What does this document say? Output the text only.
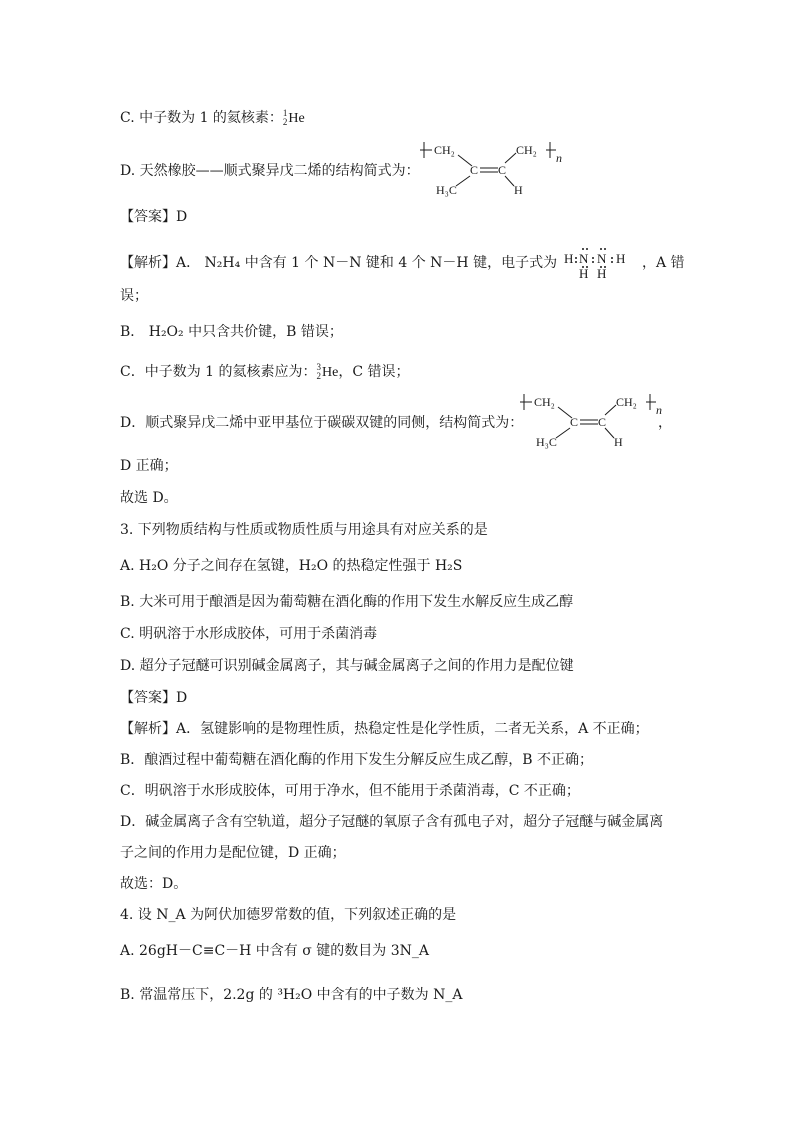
C. 中子数为 1 的氦核素： 1
2 He
D. 天然橡胶——顺式聚异戊二烯的结构简式为：
CH₂
C C
CH₂
n
H₃C	H
【答案】D
【解析】A． N₂H₄ 中含有 1 个 N－N 键和 4 个 N－H 键，电子式为 H N
H
N
H
H ，A 错
误；
B． H₂O₂ 中只含共价键，B 错误；
C．中子数为 1 的氦核素应为： 3
2 He，C 错误；
D．顺式聚异戊二烯中亚甲基位于碳碳双键的同侧，结构简式为：
CH₂
C C
CH₂
n
H₃C	H
，
D 正确；
故选 D。
3. 下列物质结构与性质或物质性质与用途具有对应关系的是
A. H₂O 分子之间存在氢键，H₂O 的热稳定性强于 H₂S
B. 大米可用于酿酒是因为葡萄糖在酒化酶的作用下发生水解反应生成乙醇
C. 明矾溶于水形成胶体，可用于杀菌消毒
D. 超分子冠醚可识别碱金属离子，其与碱金属离子之间的作用力是配位键
【答案】D
【解析】A．氢键影响的是物理性质，热稳定性是化学性质，二者无关系，A 不正确；
B．酿酒过程中葡萄糖在酒化酶的作用下发生分解反应生成乙醇，B 不正确；
C．明矾溶于水形成胶体，可用于净水，但不能用于杀菌消毒，C 不正确；
D．碱金属离子含有空轨道，超分子冠醚的氧原子含有孤电子对，超分子冠醚与碱金属离
子之间的作用力是配位键，D 正确；
故选：D。
4. 设 N_A 为阿伏加德罗常数的值，下列叙述正确的是
A. 26gH－C≡C－H 中含有 σ 键的数目为 3N_A
B. 常温常压下，2.2g 的 ³H₂O 中含有的中子数为 N_A
